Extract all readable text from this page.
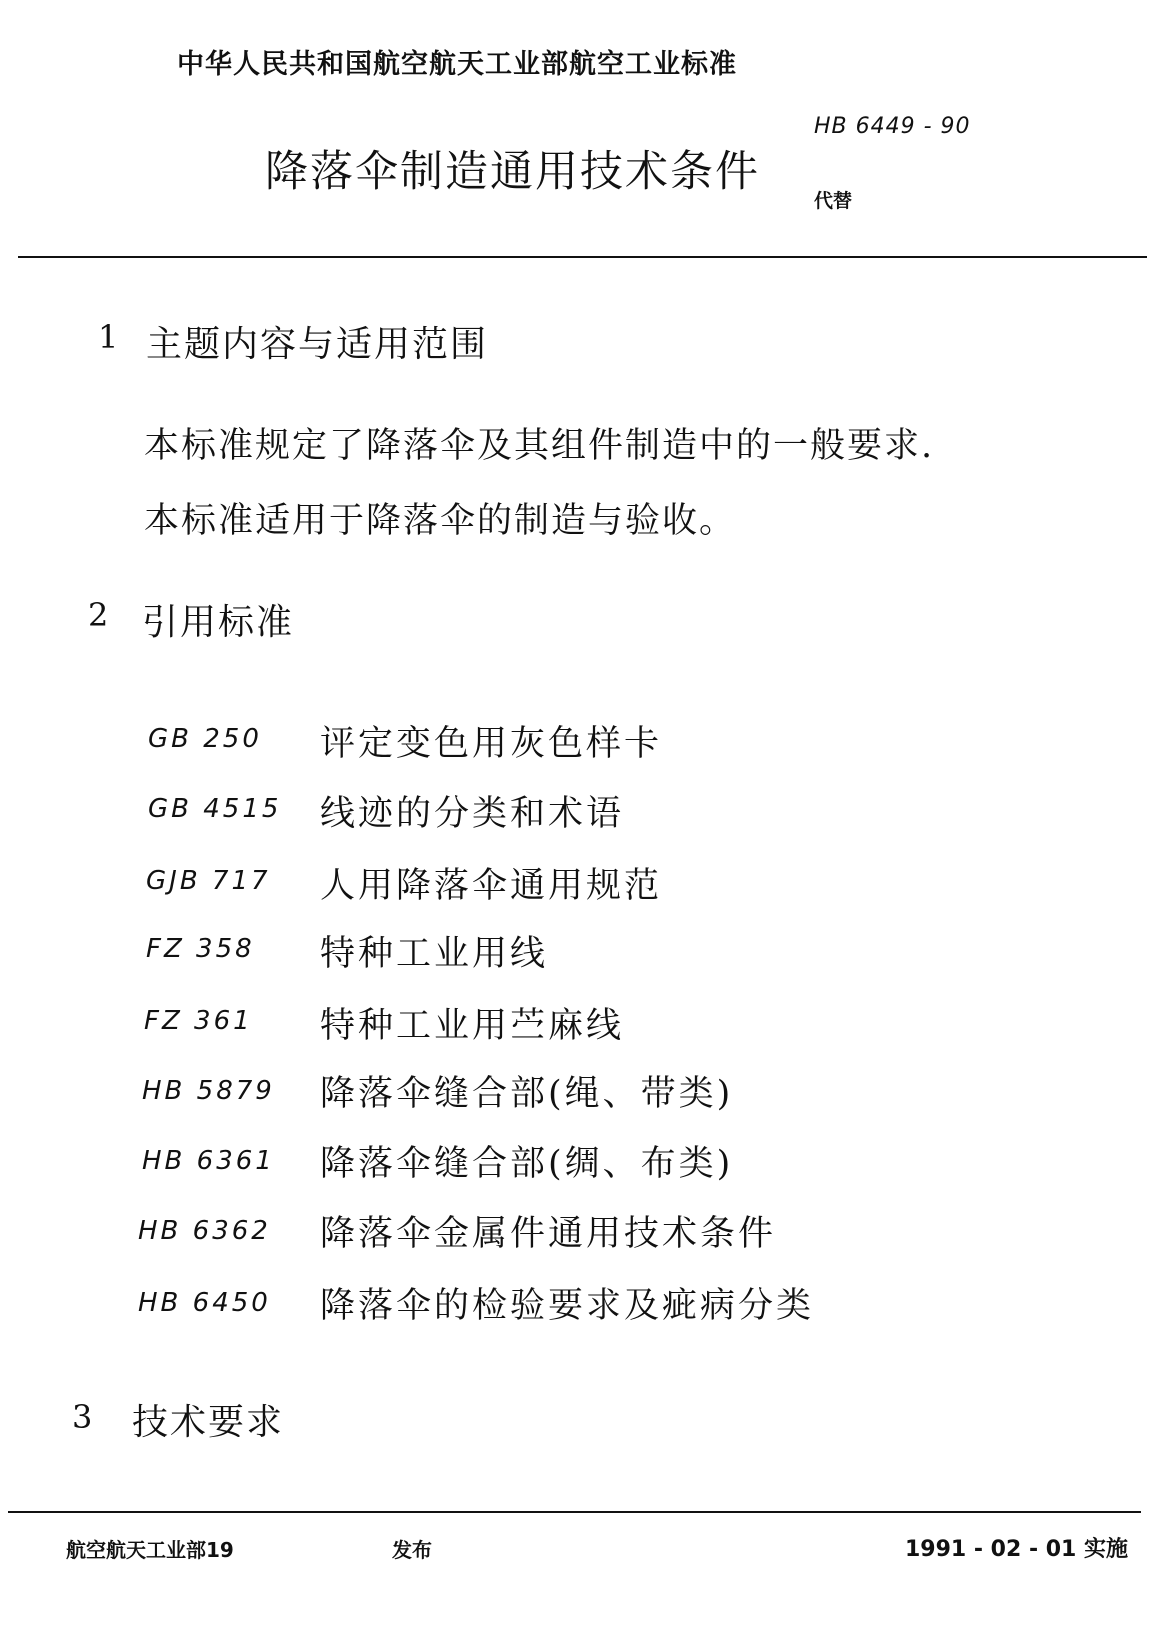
中华人民共和国航空航天工业部航空工业标准
降落伞制造通用技术条件
HB 6449 - 90
代替
1 主题内容与适用范围
本标准规定了降落伞及其组件制造中的一般要求.
本标准适用于降落伞的制造与验收。
2 引用标准
GB 250 评定变色用灰色样卡
GB 4515 线迹的分类和术语
GJB 717 人用降落伞通用规范
FZ 358 特种工业用线
FZ 361 特种工业用苎麻线
HB 5879 降落伞缝合部(绳、带类)
HB 6361 降落伞缝合部(绸、布类)
HB 6362 降落伞金属件通用技术条件
HB 6450 降落伞的检验要求及疵病分类
3 技术要求
航空航天工业部19	发布	1991 - 02 - 01 实施
